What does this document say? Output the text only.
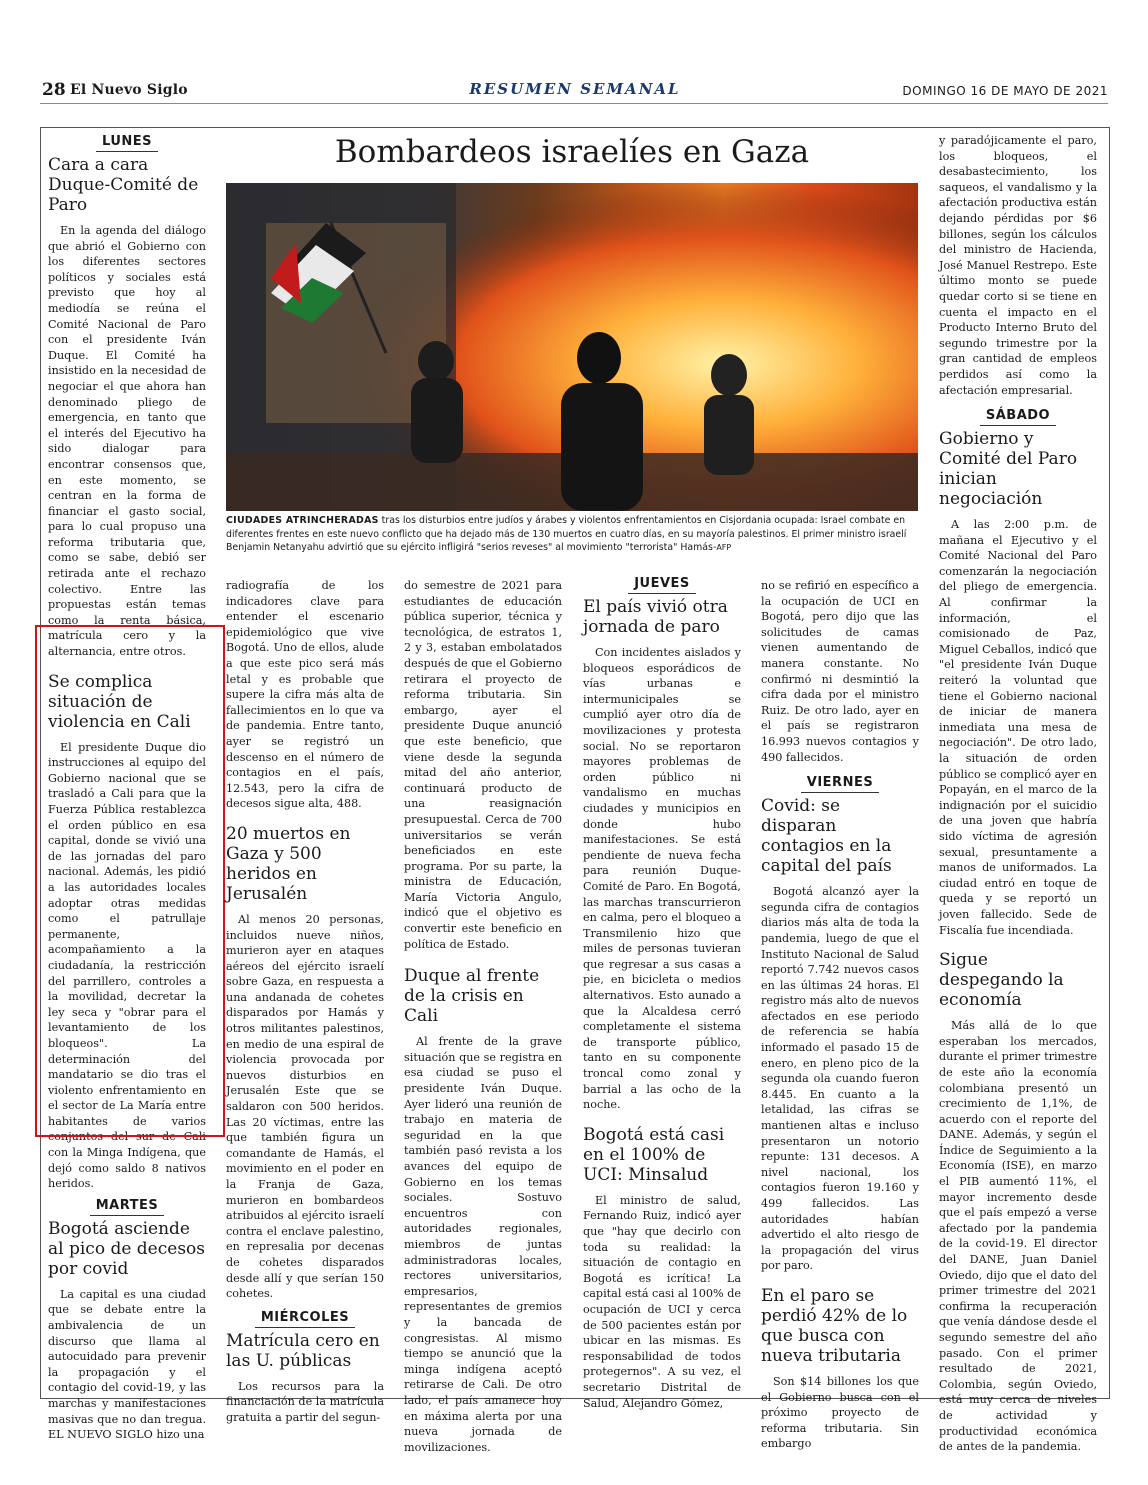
28 El Nuevo Siglo	RESUMEN SEMANAL	DOMINGO 16 DE MAYO DE 2021
LUNES
Cara a cara Duque-Comité de Paro

En la agenda del diálogo que abrió el Gobierno con los diferentes sectores políticos y sociales está previsto que hoy al mediodía se reúna el Comité Nacional de Paro con el presidente Iván Duque. El Comité ha insistido en la necesidad de negociar el que ahora han denominado pliego de emergencia, en tanto que el interés del Ejecutivo ha sido dialogar para encontrar consensos que, en este momento, se centran en la forma de financiar el gasto social, para lo cual propuso una reforma tributaria que, como se sabe, debió ser retirada ante el rechazo colectivo. Entre las propuestas están temas como la renta básica, matrícula cero y la alternancia, entre otros.

Se complica situación de violencia en Cali

El presidente Duque dio instrucciones al equipo del Gobierno nacional que se trasladó a Cali para que la Fuerza Pública restablezca el orden público en esa capital, donde se vivió una de las jornadas del paro nacional. Además, les pidió a las autoridades locales adoptar otras medidas como el patrullaje permanente, acompañamiento a la ciudadanía, la restricción del parrillero, controles a la movilidad, decretar la ley seca y "obrar para el levantamiento de los bloqueos". La determinación del mandatario se dio tras el violento enfrentamiento en el sector de La María entre habitantes de varios conjuntos del sur de Cali con la Minga Indígena, que dejó como saldo 8 nativos heridos.

MARTES
Bogotá asciende al pico de decesos por covid

La capital es una ciudad que se debate entre la ambivalencia de un discurso que llama al autocuidado para prevenir la propagación y el contagio del covid-19, y las marchas y manifestaciones masivas que no dan tregua. EL NUEVO SIGLO hizo una

Bombardeos israelíes en Gaza
CIUDADES ATRINCHERADAS tras los disturbios entre judíos y árabes y violentos enfrentamientos en Cisjordania ocupada: Israel combate en diferentes frentes en este nuevo conflicto que ha dejado más de 130 muertos en cuatro días, en su mayoría palestinos. El primer ministro israelí Benjamin Netanyahu advirtió que su ejército infligirá "serios reveses" al movimiento "terrorista" Hamás-AFP

radiografía de los indicadores clave para entender el escenario epidemiológico que vive Bogotá. Uno de ellos, alude a que este pico será más letal y es probable que supere la cifra más alta de fallecimientos en lo que va de pandemia. Entre tanto, ayer se registró un descenso en el número de contagios en el país, 12.543, pero la cifra de decesos sigue alta, 488.

20 muertos en Gaza y 500 heridos en Jerusalén

Al menos 20 personas, incluidos nueve niños, murieron ayer en ataques aéreos del ejército israelí sobre Gaza, en respuesta a una andanada de cohetes disparados por Hamás y otros militantes palestinos, en medio de una espiral de violencia provocada por nuevos disturbios en Jerusalén Este que se saldaron con 500 heridos. Las 20 víctimas, entre las que también figura un comandante de Hamás, el movimiento en el poder en la Franja de Gaza, murieron en bombardeos atribuidos al ejército israelí contra el enclave palestino, en represalia por decenas de cohetes disparados desde allí y que serían 150 cohetes.

MIÉRCOLES
Matrícula cero en las U. públicas

Los recursos para la financiación de la matrícula gratuita a partir del segun-

do semestre de 2021 para estudiantes de educación pública superior, técnica y tecnológica, de estratos 1, 2 y 3, estaban embolatados después de que el Gobierno retirara el proyecto de reforma tributaria. Sin embargo, ayer el presidente Duque anunció que este beneficio, que viene desde la segunda mitad del año anterior, continuará producto de una reasignación presupuestal. Cerca de 700 universitarios se verán beneficiados en este programa. Por su parte, la ministra de Educación, María Victoria Angulo, indicó que el objetivo es convertir este beneficio en política de Estado.

Duque al frente de la crisis en Cali

Al frente de la grave situación que se registra en esa ciudad se puso el presidente Iván Duque. Ayer lideró una reunión de trabajo en materia de seguridad en la que también pasó revista a los avances del equipo de Gobierno en los temas sociales. Sostuvo encuentros con autoridades regionales, miembros de juntas administradoras locales, rectores universitarios, empresarios, representantes de gremios y la bancada de congresistas. Al mismo tiempo se anunció que la minga indígena aceptó retirarse de Cali. De otro lado, el país amanece hoy en máxima alerta por una nueva jornada de movilizaciones.

JUEVES
El país vivió otra jornada de paro

Con incidentes aislados y bloqueos esporádicos de vías urbanas e intermunicipales se cumplió ayer otro día de movilizaciones y protesta social. No se reportaron mayores problemas de orden público ni vandalismo en muchas ciudades y municipios en donde hubo manifestaciones. Se está pendiente de nueva fecha para reunión Duque-Comité de Paro. En Bogotá, las marchas transcurrieron en calma, pero el bloqueo a Transmilenio hizo que miles de personas tuvieran que regresar a sus casas a pie, en bicicleta o medios alternativos. Esto aunado a que la Alcaldesa cerró completamente el sistema de transporte público, tanto en su componente troncal como zonal y barrial a las ocho de la noche.

Bogotá está casi en el 100% de UCI: Minsalud

El ministro de salud, Fernando Ruiz, indicó ayer que "hay que decirlo con toda su realidad: la situación de contagio en Bogotá es icrítica! La capital está casi al 100% de ocupación de UCI y cerca de 500 pacientes están por ubicar en las mismas. Es responsabilidad de todos protegernos". A su vez, el secretario Distrital de Salud, Alejandro Gómez,

no se refirió en específico a la ocupación de UCI en Bogotá, pero dijo que las solicitudes de camas vienen aumentando de manera constante. No confirmó ni desmintió la cifra dada por el ministro Ruiz. De otro lado, ayer en el país se registraron 16.993 nuevos contagios y 490 fallecidos.

VIERNES
Covid: se disparan contagios en la capital del país

Bogotá alcanzó ayer la segunda cifra de contagios diarios más alta de toda la pandemia, luego de que el Instituto Nacional de Salud reportó 7.742 nuevos casos en las últimas 24 horas. El registro más alto de nuevos afectados en ese periodo de referencia se había informado el pasado 15 de enero, en pleno pico de la segunda ola cuando fueron 8.445. En cuanto a la letalidad, las cifras se mantienen altas e incluso presentaron un notorio repunte: 131 decesos. A nivel nacional, los contagios fueron 19.160 y 499 fallecidos. Las autoridades habían advertido el alto riesgo de la propagación del virus por paro.

En el paro se perdió 42% de lo que busca con nueva tributaria

Son $14 billones los que el Gobierno busca con el próximo proyecto de reforma tributaria. Sin embargo

y paradójicamente el paro, los bloqueos, el desabastecimiento, los saqueos, el vandalismo y la afectación productiva están dejando pérdidas por $6 billones, según los cálculos del ministro de Hacienda, José Manuel Restrepo. Este último monto se puede quedar corto si se tiene en cuenta el impacto en el Producto Interno Bruto del segundo trimestre por la gran cantidad de empleos perdidos así como la afectación empresarial.

SÁBADO
Gobierno y Comité del Paro inician negociación

A las 2:00 p.m. de mañana el Ejecutivo y el Comité Nacional del Paro comenzarán la negociación del pliego de emergencia. Al confirmar la información, el comisionado de Paz, Miguel Ceballos, indicó que "el presidente Iván Duque reiteró la voluntad que tiene el Gobierno nacional de iniciar de manera inmediata una mesa de negociación". De otro lado, la situación de orden público se complicó ayer en Popayán, en el marco de la indignación por el suicidio de una joven que habría sido víctima de agresión sexual, presuntamente a manos de uniformados. La ciudad entró en toque de queda y se reportó un joven fallecido. Sede de Fiscalía fue incendiada.

Sigue despegando la economía

Más allá de lo que esperaban los mercados, durante el primer trimestre de este año la economía colombiana presentó un crecimiento de 1,1%, de acuerdo con el reporte del DANE. Además, y según el Índice de Seguimiento a la Economía (ISE), en marzo el PIB aumentó 11%, el mayor incremento desde que el país empezó a verse afectado por la pandemia de la covid-19. El director del DANE, Juan Daniel Oviedo, dijo que el dato del primer trimestre del 2021 confirma la recuperación que venía dándose desde el segundo semestre del año pasado. Con el primer resultado de 2021, Colombia, según Oviedo, está muy cerca de niveles de actividad y productividad económica de antes de la pandemia.
